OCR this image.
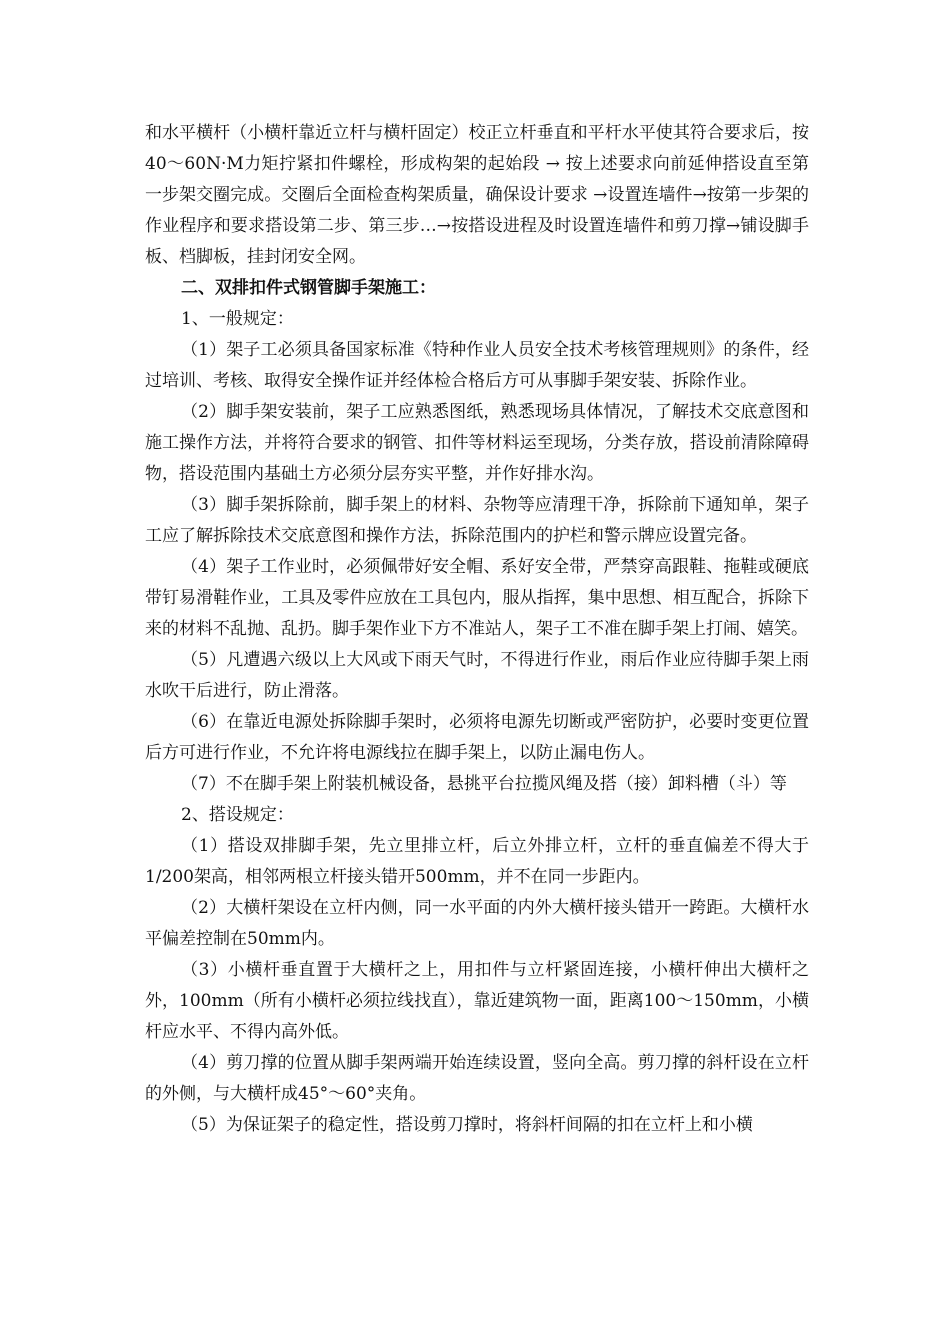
和水平横杆（小横杆靠近立杆与横杆固定）校正立杆垂直和平杆水平使其符合要求后，按40～60N·M力矩拧紧扣件螺栓，形成构架的起始段 → 按上述要求向前延伸搭设直至第一步架交圈完成。交圈后全面检查构架质量，确保设计要求 →设置连墙件→按第一步架的作业程序和要求搭设第二步、第三步…→按搭设进程及时设置连墙件和剪刀撑→铺设脚手板、档脚板，挂封闭安全网。

二、双排扣件式钢管脚手架施工：

1、一般规定：

（1）架子工必须具备国家标准《特种作业人员安全技术考核管理规则》的条件，经过培训、考核、取得安全操作证并经体检合格后方可从事脚手架安装、拆除作业。

（2）脚手架安装前，架子工应熟悉图纸，熟悉现场具体情况，了解技术交底意图和施工操作方法，并将符合要求的钢管、扣件等材料运至现场，分类存放，搭设前清除障碍物，搭设范围内基础土方必须分层夯实平整，并作好排水沟。

（3）脚手架拆除前，脚手架上的材料、杂物等应清理干净，拆除前下通知单，架子工应了解拆除技术交底意图和操作方法，拆除范围内的护栏和警示牌应设置完备。

（4）架子工作业时，必须佩带好安全帽、系好安全带，严禁穿高跟鞋、拖鞋或硬底带钉易滑鞋作业，工具及零件应放在工具包内，服从指挥，集中思想、相互配合，拆除下来的材料不乱抛、乱扔。脚手架作业下方不准站人，架子工不准在脚手架上打闹、嬉笑。

（5）凡遭遇六级以上大风或下雨天气时，不得进行作业，雨后作业应待脚手架上雨水吹干后进行，防止滑落。

（6）在靠近电源处拆除脚手架时，必须将电源先切断或严密防护，必要时变更位置后方可进行作业，不允许将电源线拉在脚手架上，以防止漏电伤人。

（7）不在脚手架上附装机械设备，悬挑平台拉揽风绳及搭（接）卸料槽（斗）等

2、搭设规定：

（1）搭设双排脚手架，先立里排立杆，后立外排立杆，立杆的垂直偏差不得大于1/200架高，相邻两根立杆接头错开500mm，并不在同一步距内。

（2）大横杆架设在立杆内侧，同一水平面的内外大横杆接头错开一跨距。大横杆水平偏差控制在50mm内。

（3）小横杆垂直置于大横杆之上，用扣件与立杆紧固连接，小横杆伸出大横杆之外，100mm（所有小横杆必须拉线找直），靠近建筑物一面，距离100～150mm，小横杆应水平、不得内高外低。

（4）剪刀撑的位置从脚手架两端开始连续设置，竖向全高。剪刀撑的斜杆设在立杆的外侧，与大横杆成45°～60°夹角。

（5）为保证架子的稳定性，搭设剪刀撑时，将斜杆间隔的扣在立杆上和小横
